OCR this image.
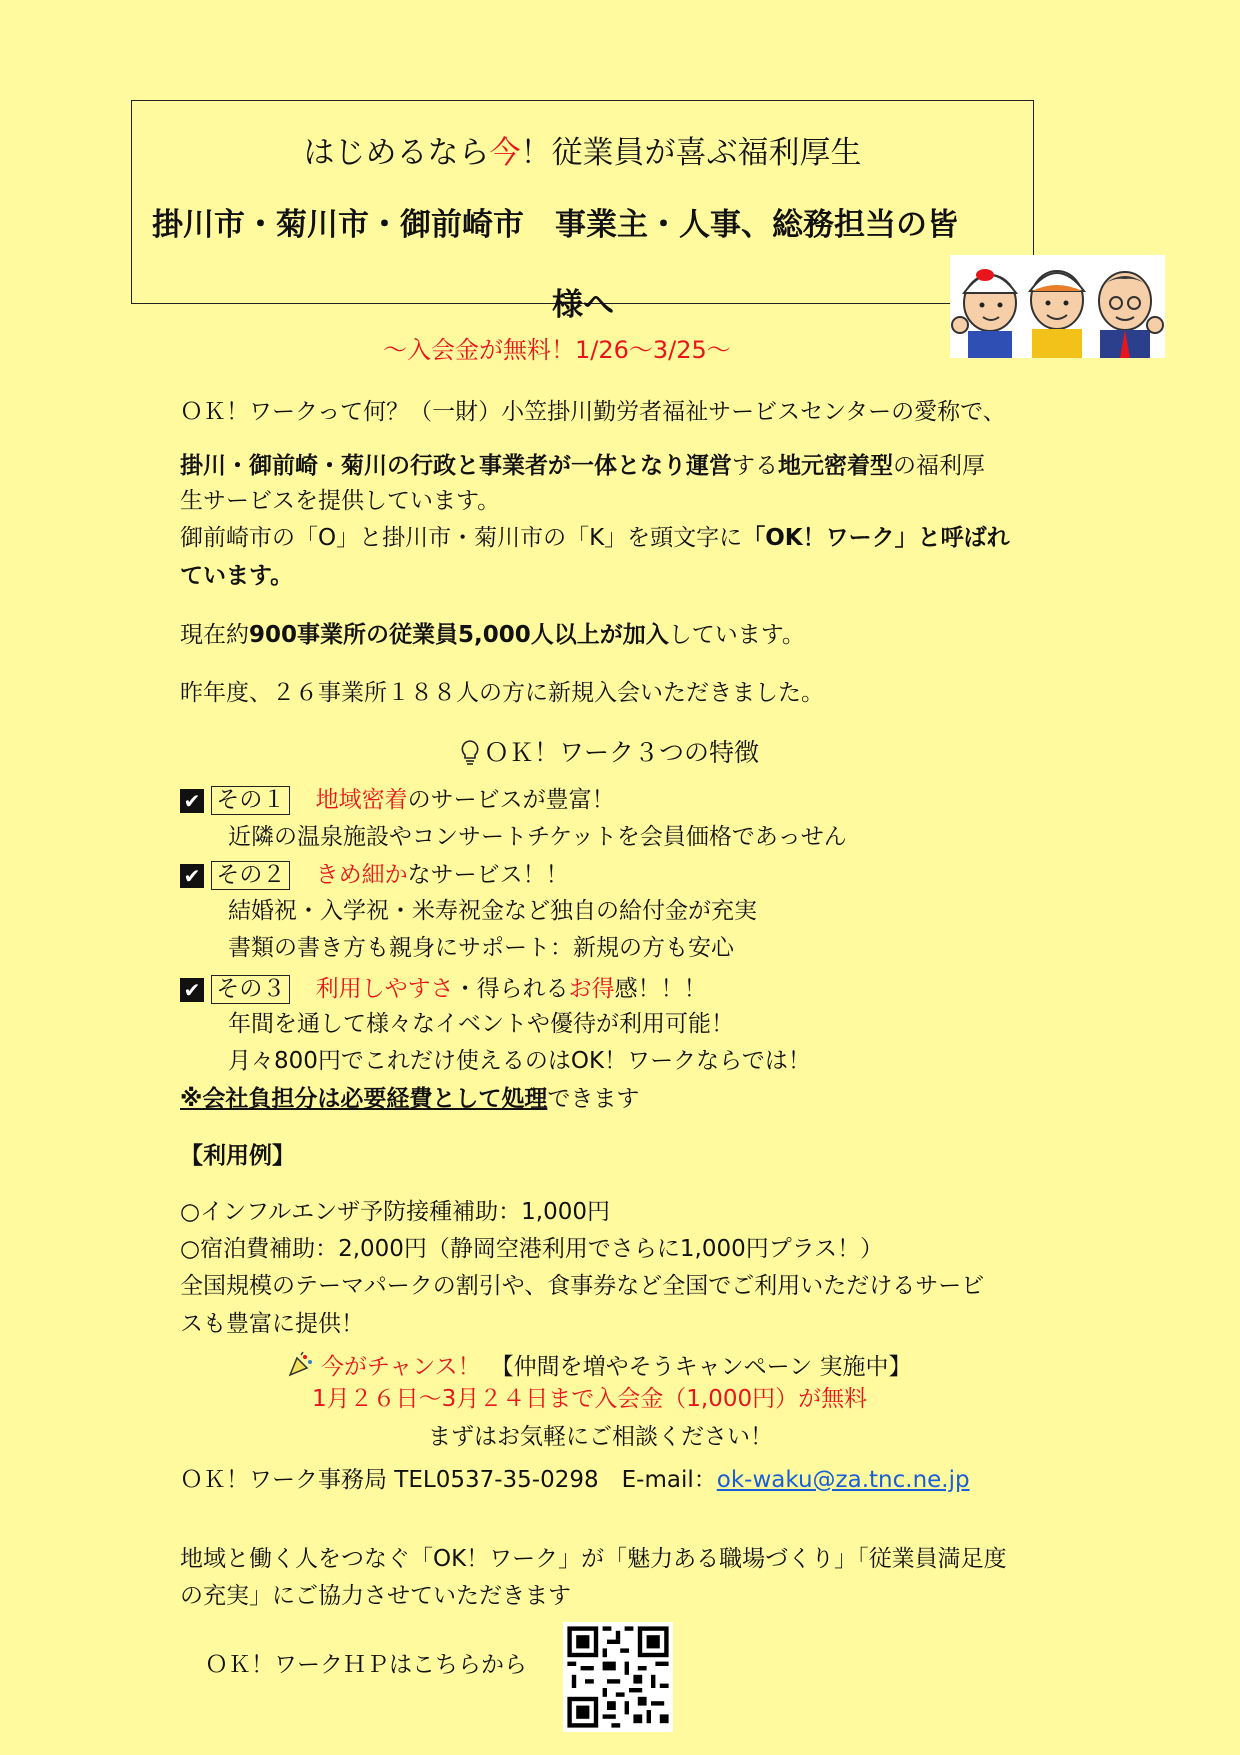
はじめるなら今！従業員が喜ぶ福利厚生
掛川市・菊川市・御前崎市　事業主・人事、総務担当の皆
様へ
～入会金が無料！1/26～3/25～
ＯＫ！ワークって何？（一財）小笠掛川勤労者福祉サービスセンターの愛称で、
掛川・御前崎・菊川の行政と事業者が一体となり運営する地元密着型の福利厚
生サービスを提供しています。
御前崎市の「O」と掛川市・菊川市の「K」を頭文字に「OK！ワーク」と呼ばれ
ています。
現在約900事業所の従業員5,000人以上が加入しています。
昨年度、２６事業所１８８人の方に新規入会いただきました。
ＯＫ！ワーク３つの特徴
✔ その１ 地域密着のサービスが豊富！
近隣の温泉施設やコンサートチケットを会員価格であっせん
✔ その２ きめ細かなサービス！！
結婚祝・入学祝・米寿祝金など独自の給付金が充実
書類の書き方も親身にサポート：新規の方も安心
✔ その３ 利用しやすさ・得られるお得感！！！
年間を通して様々なイベントや優待が利用可能！
月々800円でこれだけ使えるのはOK！ワークならでは！
※会社負担分は必要経費として処理できます
【利用例】
○インフルエンザ予防接種補助：1,000円
○宿泊費補助：2,000円（静岡空港利用でさらに1,000円プラス！）
全国規模のテーマパークの割引や、食事券など全国でご利用いただけるサービ
スも豊富に提供！
今がチャンス！ 【仲間を増やそうキャンペーン 実施中】
1月２６日～3月２４日まで入会金（1,000円）が無料
まずはお気軽にご相談ください！
ＯＫ！ワーク事務局 TEL0537-35-0298　E-mail：ok-waku@za.tnc.ne.jp
地域と働く人をつなぐ「OK！ワーク」が「魅力ある職場づくり」「従業員満足度
の充実」にご協力させていただきます
ＯＫ！ワークＨＰはこちらから
